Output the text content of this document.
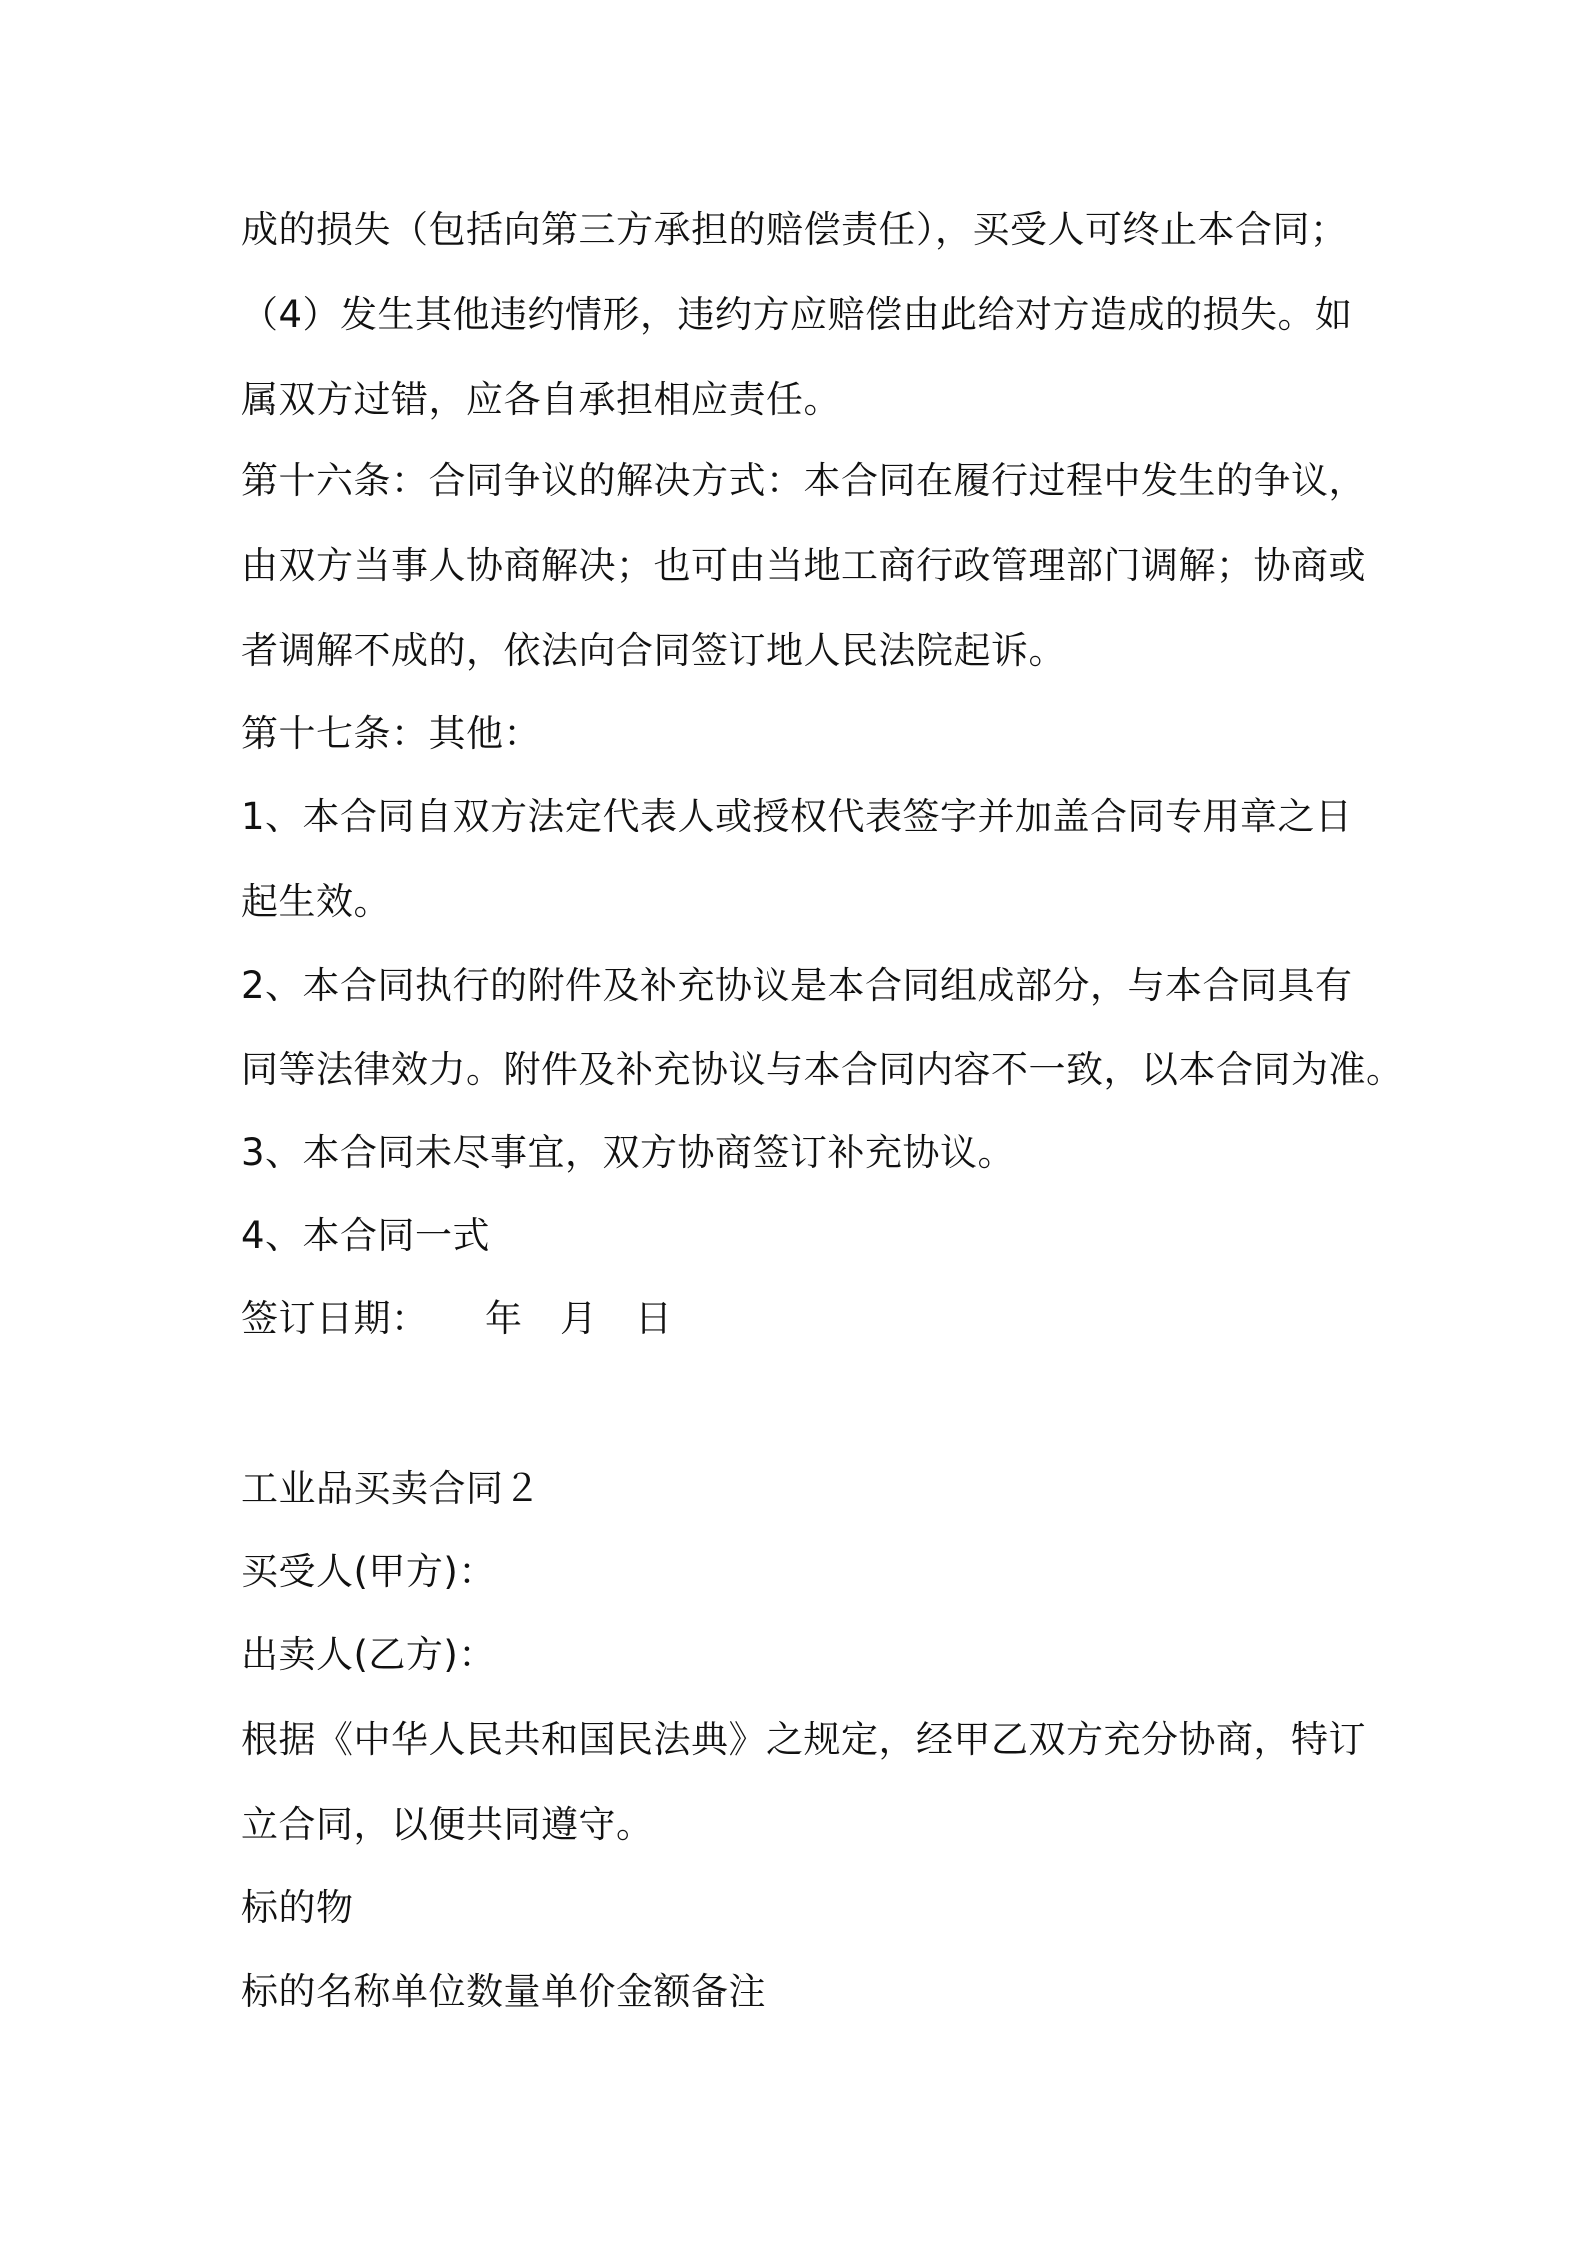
成的损失（包括向第三方承担的赔偿责任），买受人可终止本合同；
（4）发生其他违约情形，违约方应赔偿由此给对方造成的损失。如
属双方过错，应各自承担相应责任。
第十六条：合同争议的解决方式：本合同在履行过程中发生的争议，
由双方当事人协商解决；也可由当地工商行政管理部门调解；协商或
者调解不成的，依法向合同签订地人民法院起诉。
第十七条：其他：
1、本合同自双方法定代表人或授权代表签字并加盖合同专用章之日
起生效。
2、本合同执行的附件及补充协议是本合同组成部分，与本合同具有
同等法律效力。附件及补充协议与本合同内容不一致，以本合同为准。
3、本合同未尽事宜，双方协商签订补充协议。
4、本合同一式
签订日期：　　年　月　日
工业品买卖合同２
买受人(甲方)：
出卖人(乙方)：
根据《中华人民共和国民法典》之规定，经甲乙双方充分协商，特订
立合同，以便共同遵守。
标的物
标的名称单位数量单价金额备注
